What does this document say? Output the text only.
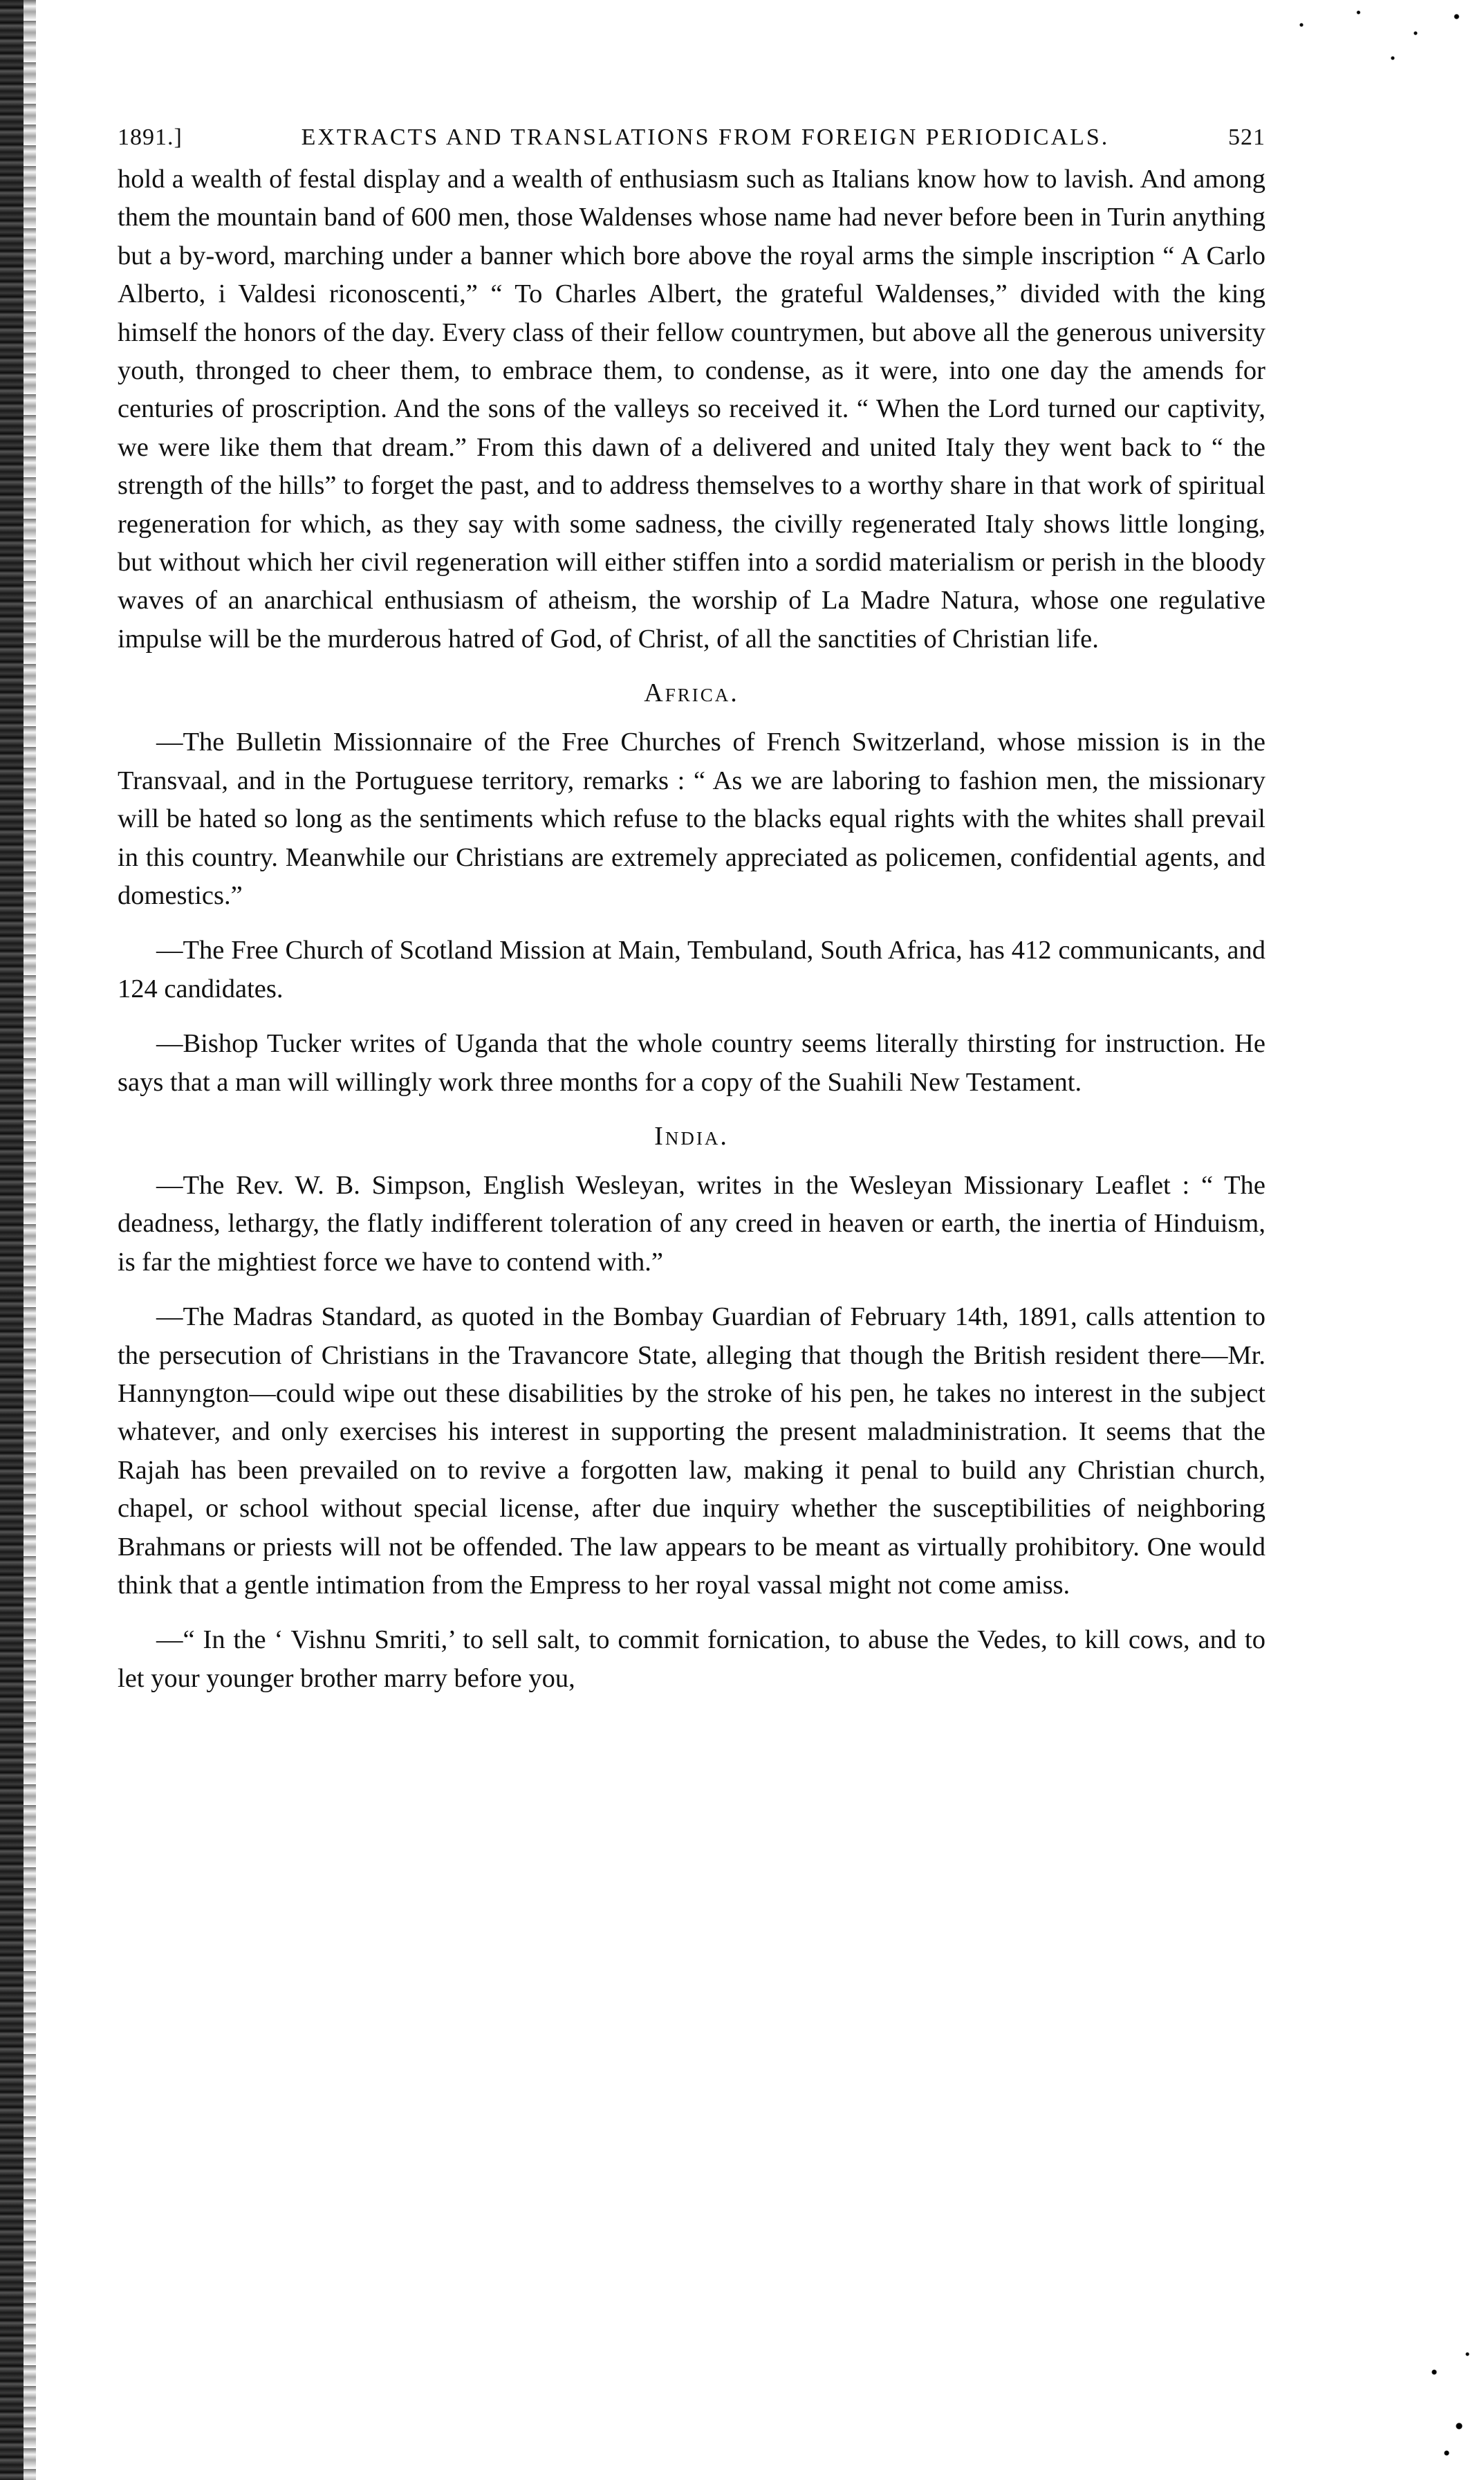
1891.]	EXTRACTS AND TRANSLATIONS FROM FOREIGN PERIODICALS.	521

hold a wealth of festal display and a wealth of enthusiasm such as Italians know how to lavish. And among them the mountain band of 600 men, those Waldenses whose name had never before been in Turin anything but a by-word, marching under a banner which bore above the royal arms the simple inscription “ A Carlo Alberto, i Valdesi riconoscenti,” “ To Charles Albert, the grateful Waldenses,” divided with the king himself the honors of the day. Every class of their fellow countrymen, but above all the generous university youth, thronged to cheer them, to embrace them, to condense, as it were, into one day the amends for centuries of proscription. And the sons of the valleys so received it. “ When the Lord turned our captivity, we were like them that dream.” From this dawn of a delivered and united Italy they went back to “ the strength of the hills” to forget the past, and to address themselves to a worthy share in that work of spiritual regeneration for which, as they say with some sadness, the civilly regenerated Italy shows little longing, but without which her civil regeneration will either stiffen into a sordid materialism or perish in the bloody waves of an anarchical enthusiasm of atheism, the worship of La Madre Natura, whose one regulative impulse will be the murderous hatred of God, of Christ, of all the sanctities of Christian life.

Africa.

—The Bulletin Missionnaire of the Free Churches of French Switzerland, whose mission is in the Transvaal, and in the Portuguese territory, remarks : “ As we are laboring to fashion men, the missionary will be hated so long as the sentiments which refuse to the blacks equal rights with the whites shall prevail in this country. Meanwhile our Christians are extremely appreciated as policemen, confidential agents, and domestics.”

—The Free Church of Scotland Mission at Main, Tembuland, South Africa, has 412 communicants, and 124 candidates.

—Bishop Tucker writes of Uganda that the whole country seems literally thirsting for instruction. He says that a man will willingly work three months for a copy of the Suahili New Testament.

India.

—The Rev. W. B. Simpson, English Wesleyan, writes in the Wesleyan Missionary Leaflet : “ The deadness, lethargy, the flatly indifferent toleration of any creed in heaven or earth, the inertia of Hinduism, is far the mightiest force we have to contend with.”

—The Madras Standard, as quoted in the Bombay Guardian of February 14th, 1891, calls attention to the persecution of Christians in the Travancore State, alleging that though the British resident there—Mr. Hannyngton—could wipe out these disabilities by the stroke of his pen, he takes no interest in the subject whatever, and only exercises his interest in supporting the present maladministration. It seems that the Rajah has been prevailed on to revive a forgotten law, making it penal to build any Christian church, chapel, or school without special license, after due inquiry whether the susceptibilities of neighboring Brahmans or priests will not be offended. The law appears to be meant as virtually prohibitory. One would think that a gentle intimation from the Empress to her royal vassal might not come amiss.

—“ In the ‘ Vishnu Smriti,’ to sell salt, to commit fornication, to abuse the Vedes, to kill cows, and to let your younger brother marry before you,
